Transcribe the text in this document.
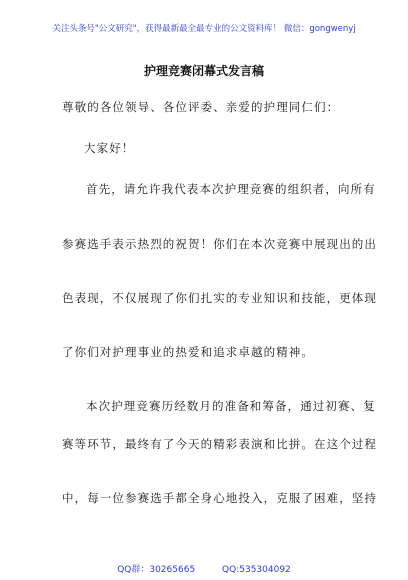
关注头条号"公文研究"，获得最新最全最专业的公文资料库！ 微信：gongwenyj
护理竞赛闭幕式发言稿
尊敬的各位领导、各位评委、亲爱的护理同仁们：
大家好！
首先，请允许我代表本次护理竞赛的组织者，向所有
参赛选手表示热烈的祝贺！你们在本次竞赛中展现出的出
色表现，不仅展现了你们扎实的专业知识和技能，更体现
了你们对护理事业的热爱和追求卓越的精神。
本次护理竞赛历经数月的准备和筹备，通过初赛、复
赛等环节，最终有了今天的精彩表演和比拼。在这个过程
中，每一位参赛选手都全身心地投入，克服了困难，坚持
QQ群：30265665	QQ:535304092
